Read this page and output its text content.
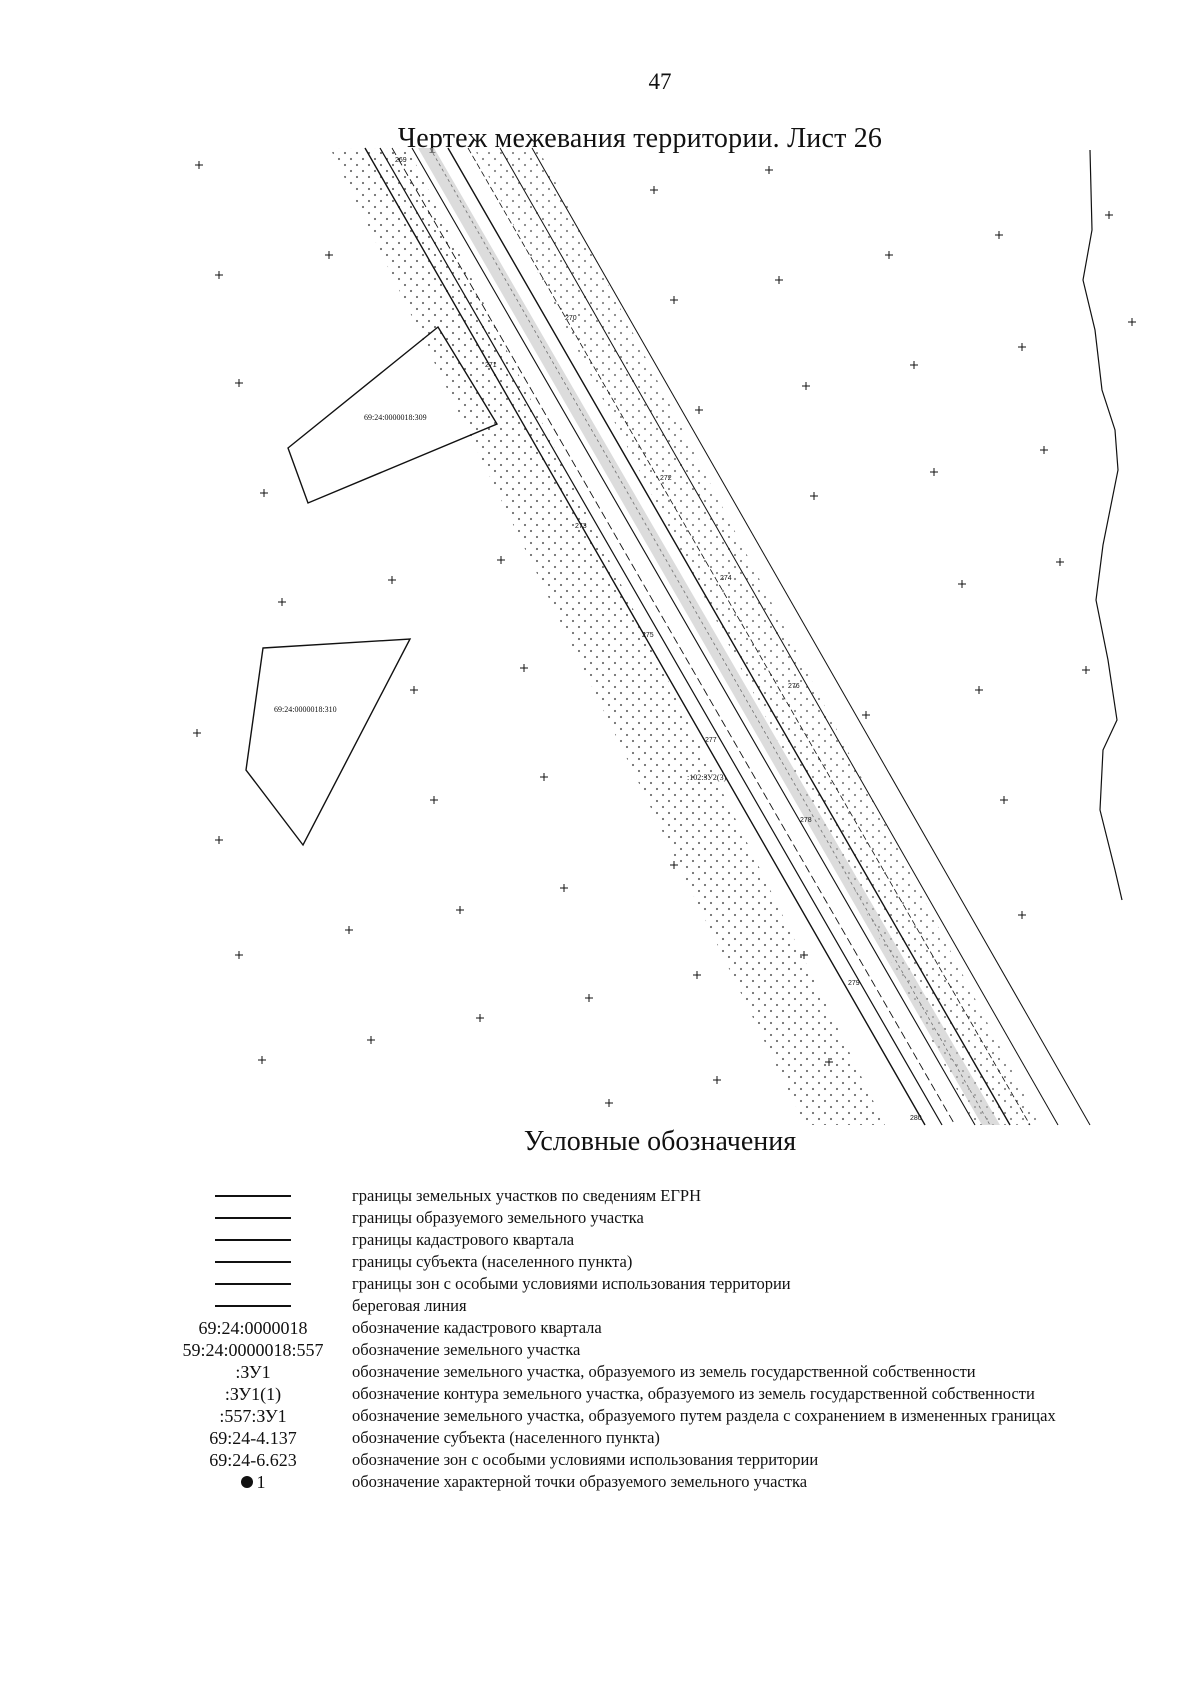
47
Чертеж межевания территории. Лист 26
69:24:0000018:309
69:24:0000018:310
:102:ЗУ2(3)
269
270
271
272
273
274
275
276
277
278
279
280
Условные обозначения
границы земельных участков по сведениям ЕГРН
границы образуемого земельного участка
границы кадастрового квартала
границы субъекта (населенного пункта)
границы зон с особыми условиями использования территории
береговая линия
69:24:0000018	обозначение кадастрового квартала
59:24:0000018:557 обозначение земельного участка
:ЗУ1	обозначение земельного участка, образуемого из земель государственной собственности
:ЗУ1(1)	обозначение контура земельного участка, образуемого из земель государственной собственности
:557:ЗУ1	обозначение земельного участка, образуемого путем раздела с сохранением в измененных границах
69:24-4.137	обозначение субъекта (населенного пункта)
69:24-6.623	обозначение зон с особыми условиями использования территории
1	обозначение характерной точки образуемого земельного участка
